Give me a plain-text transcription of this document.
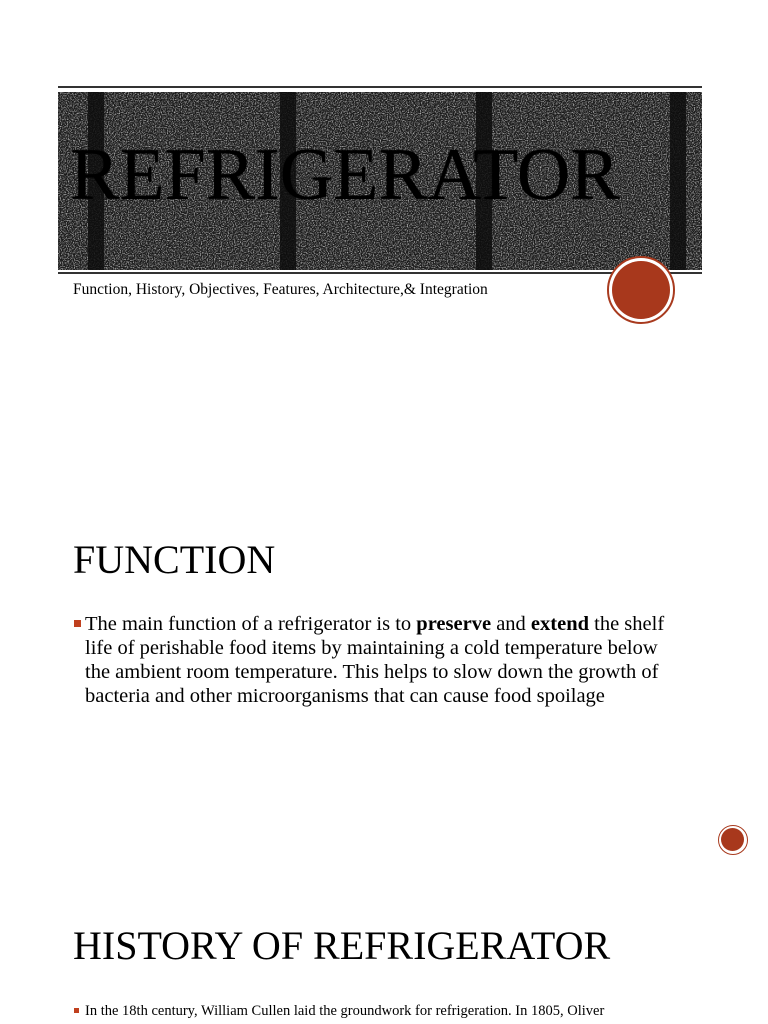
REFRIGERATOR
Function, History, Objectives, Features, Architecture,& Integration
FUNCTION
The main function of a refrigerator is to preserve and extend the shelf life of perishable food items by maintaining a cold temperature below the ambient room temperature. This helps to slow down the growth of bacteria and other microorganisms that can cause food spoilage
HISTORY OF REFRIGERATOR
In the 18th century, William Cullen laid the groundwork for refrigeration. In 1805, Oliver
